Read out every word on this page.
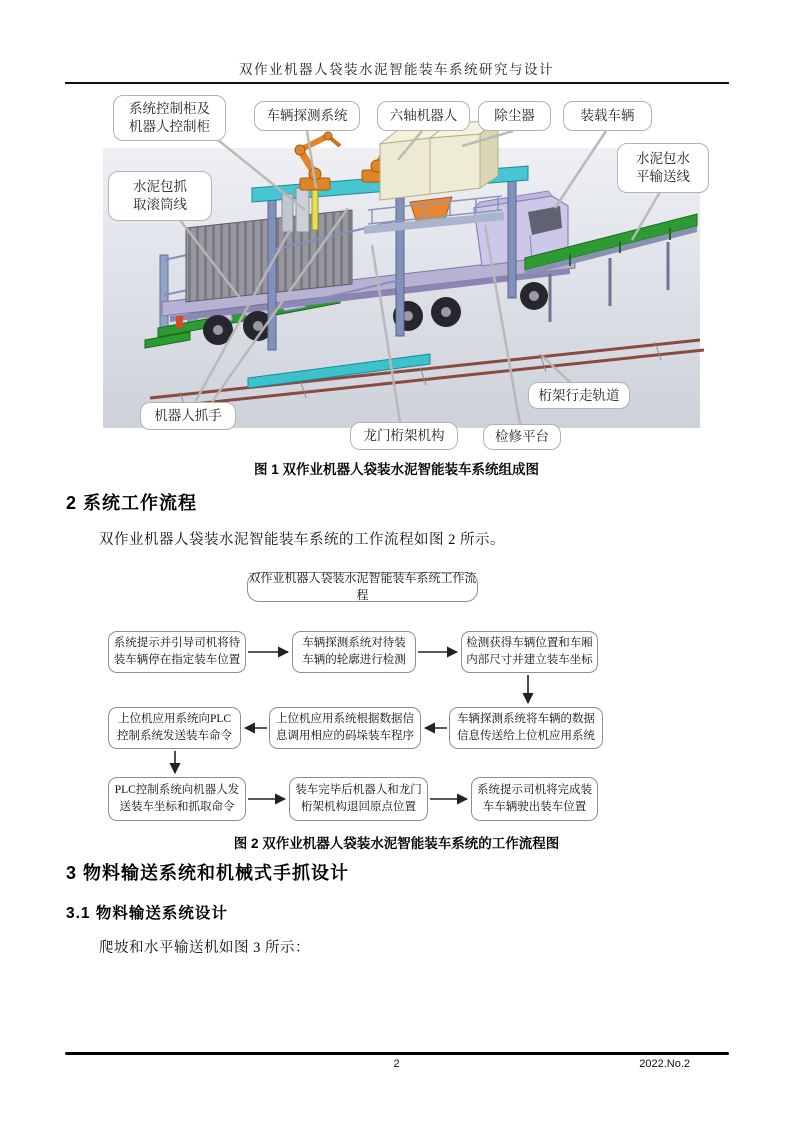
双作业机器人袋装水泥智能装车系统研究与设计
系统控制柜及
机器人控制柜
车辆探测系统	六轴机器人	除尘器	装载车辆
水泥包水
平输送线
水泥包抓
取滚筒线
机器人抓手
龙门桁架机构	检修平台
桁架行走轨道
图 1 双作业机器人袋装水泥智能装车系统组成图
2 系统工作流程
双作业机器人袋装水泥智能装车系统的工作流程如图 2 所示。
双作业机器人袋装水泥智能装车系统工作流程
系统提示并引导司机将待
装车辆停在指定装车位置
车辆探测系统对待装
车辆的轮廓进行检测
检测获得车辆位置和车厢
内部尺寸并建立装车坐标
车辆探测系统将车辆的数据
信息传送给上位机应用系统
上位机应用系统根据数据信
息调用相应的码垛装车程序
上位机应用系统向PLC
控制系统发送装车命令
PLC控制系统向机器人发
送装车坐标和抓取命令
装车完毕后机器人和龙门
桁架机构退回原点位置
系统提示司机将完成装
车车辆驶出装车位置
图 2 双作业机器人袋装水泥智能装车系统的工作流程图
3 物料输送系统和机械式手抓设计
3.1 物料输送系统设计
爬坡和水平输送机如图 3 所示：
2	2022.No.2
